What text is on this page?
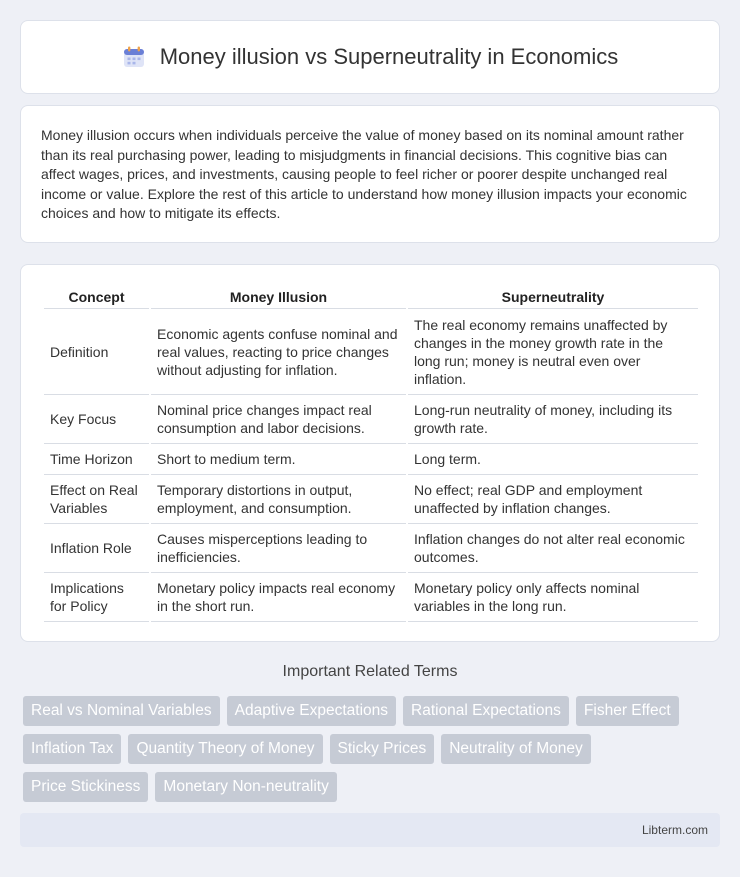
Money illusion vs Superneutrality in Economics

Money illusion occurs when individuals perceive the value of money based on its nominal amount rather than its real purchasing power, leading to misjudgments in financial decisions. This cognitive bias can affect wages, prices, and investments, causing people to feel richer or poorer despite unchanged real income or value. Explore the rest of this article to understand how money illusion impacts your economic choices and how to mitigate its effects.

Concept	Money Illusion	Superneutrality
Definition	Economic agents confuse nominal and real values, reacting to price changes without adjusting for inflation.	The real economy remains unaffected by changes in the money growth rate in the long run; money is neutral even over inflation.
Key Focus	Nominal price changes impact real consumption and labor decisions.	Long-run neutrality of money, including its growth rate.
Time Horizon	Short to medium term.	Long term.
Effect on Real Variables	Temporary distortions in output, employment, and consumption.	No effect; real GDP and employment unaffected by inflation changes.
Inflation Role	Causes misperceptions leading to inefficiencies.	Inflation changes do not alter real economic outcomes.
Implications for Policy	Monetary policy impacts real economy in the short run.	Monetary policy only affects nominal variables in the long run.
Important Related Terms
Real vs Nominal Variables	Adaptive Expectations	Rational Expectations	Fisher Effect
Inflation Tax	Quantity Theory of Money	Sticky Prices	Neutrality of Money
Price Stickiness	Monetary Non-neutrality
Libterm.com
